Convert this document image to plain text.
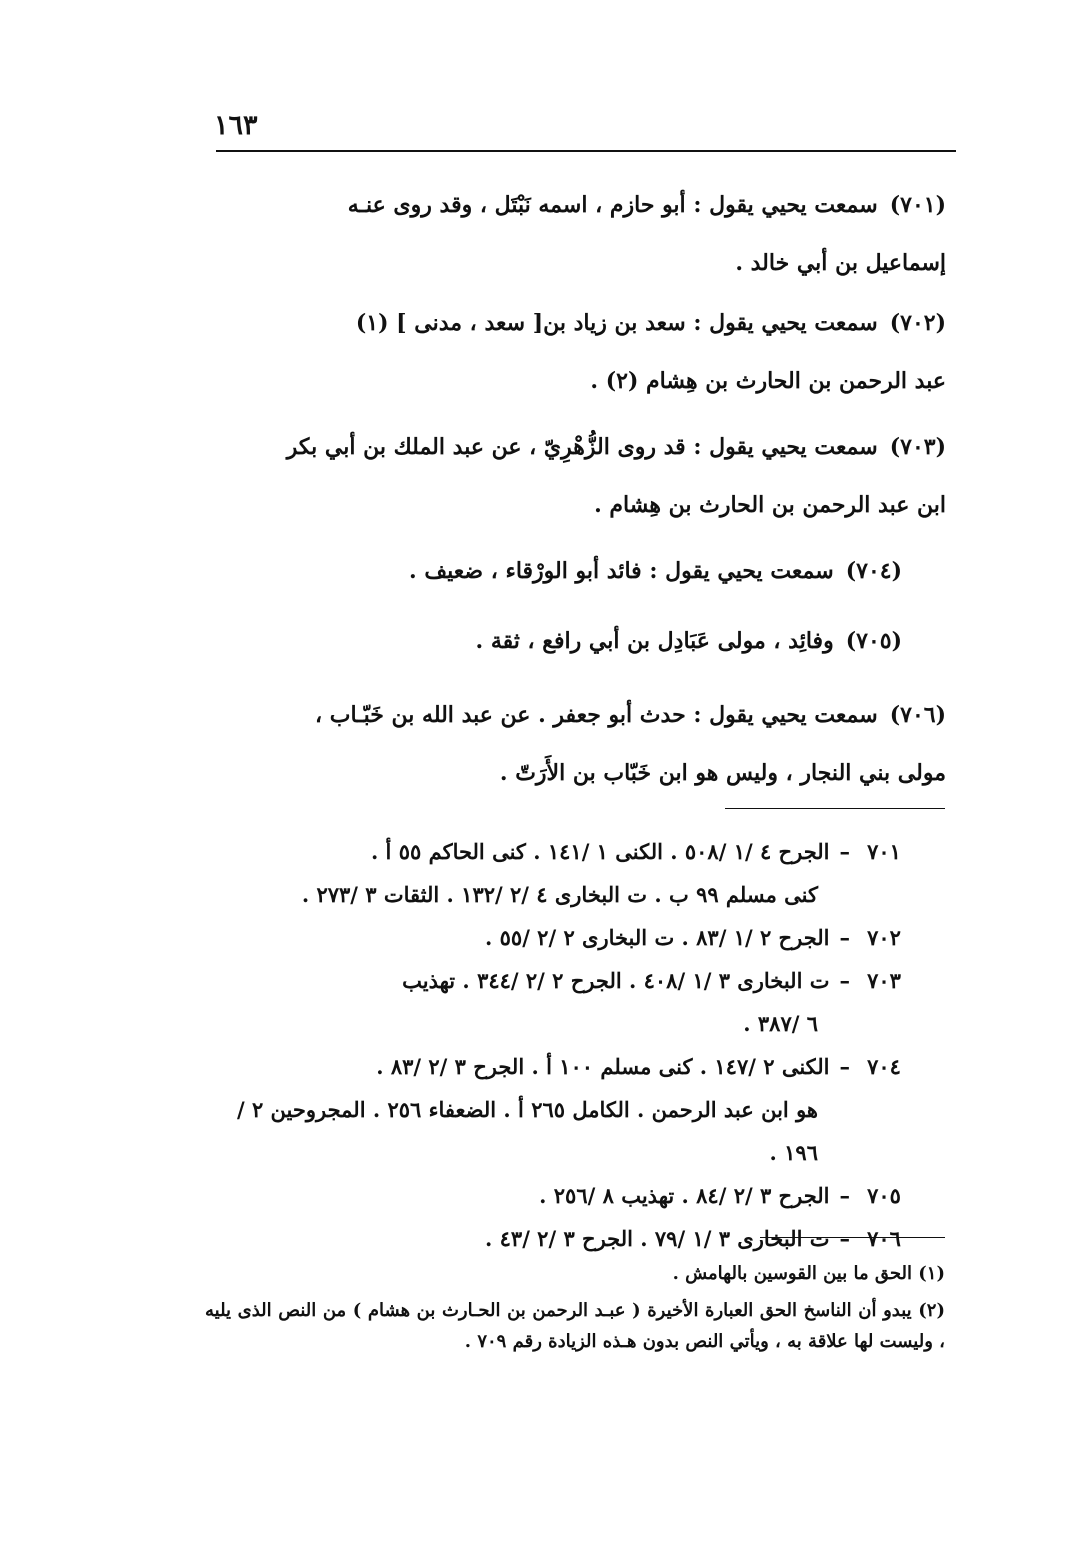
١٦٣

(٧٠١)سمعت يحيي يقول : أبو حازم ، اسمه نَبْتَل ، وقد روى عنـه

إسماعيل بن أبي خالد .

(٧٠٢)سمعت يحيي يقول : سعد بن زياد بن[ سعد ، مدنى ] (١)

عبد الرحمن بن الحارث بن هِشام (٢) .

(٧٠٣)سمعت يحيي يقول : قد روى الزُّهْرِيّ ، عن عبد الملك بن أبي بكر

ابن عبد الرحمن بن الحارث بن هِشام .

(٧٠٤)سمعت يحيي يقول : فائد أبو الورْقاء ، ضعيف .

(٧٠٥)وفائِد ، مولى عَبَادِل بن أبي رافع ، ثقة .

(٧٠٦)سمعت يحيي يقول : حدث أبو جعفر . عن عبد الله بن خَبّـاب ،

مولى بني النجار ، وليس هو ابن خَبّاب بن الأَرَتّ .

٧٠١–الجرح ٤ /١ /٥٠٨ . الكنى ١ /١٤١ . كنى الحاكم ٥٥ أ .
كنى مسلم ٩٩ ب . ت البخارى ٤ /٢ /١٣٢ . الثقات ٣ /٢٧٣ .
٧٠٢–الجرح ٢ /١ /٨٣ . ت البخارى ٢ /٢ /٥٥ .
٧٠٣–ت البخارى ٣ /١ /٤٠٨ . الجرح ٢ /٢ /٣٤٤ . تهذيب
٦ /٣٨٧ .
٧٠٤–الكنى ٢ /١٤٧ . كنى مسلم ١٠٠ أ . الجرح ٣ /٢ /٨٣ .
هو ابن عبد الرحمن . الكامل ٢٦٥ أ . الضعفاء ٢٥٦ . المجروحين ٢ /١٩٦ .
٧٠٥–الجرح ٣ /٢ /٨٤ . تهذيب ٨ /٢٥٦ .
٧٠٦–ت البخارى ٣ /١ /٧٩ . الجرح ٣ /٢ /٤٣ .

(١) الحق ما بين القوسين بالهامش .

(٢) يبدو أن الناسخ الحق العبارة الأخيرة ( عبـد الرحمن بن الحـارث بن هشام ) من النص الذى يليه ، وليست لها علاقة به ، ويأتي النص بدون هـذه الزيادة رقم ٧٠٩ .
